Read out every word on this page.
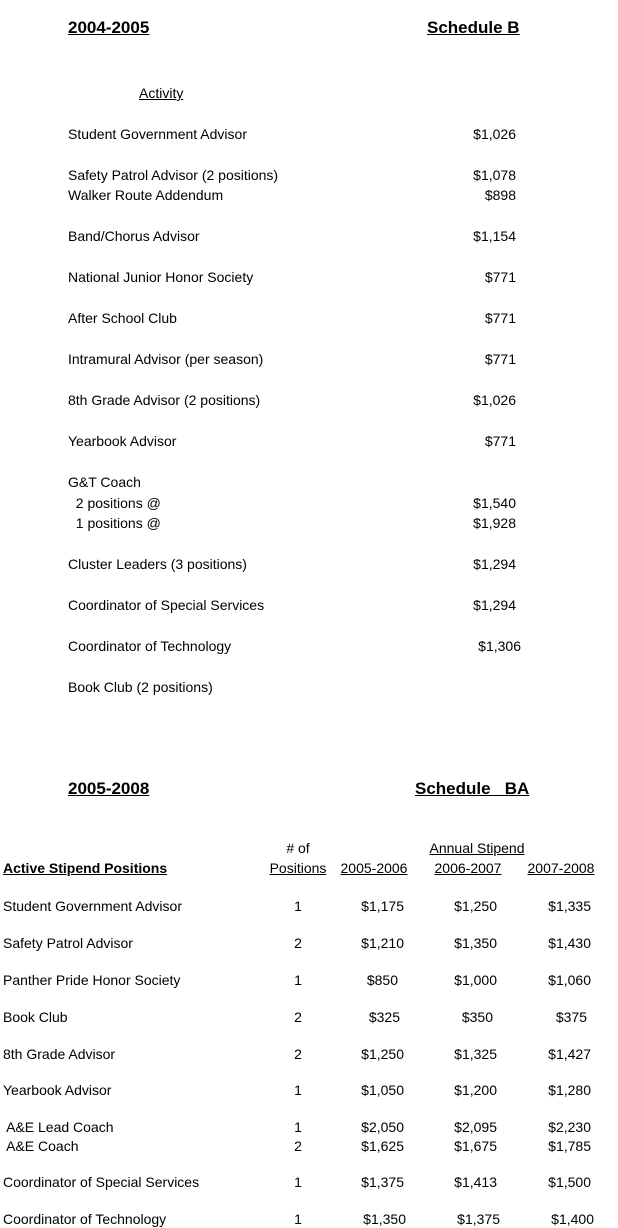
2004-2005	Schedule B
Activity
Student Government Advisor	$1,026
Safety Patrol Advisor (2 positions)	$1,078
Walker Route Addendum	$898
Band/Chorus Advisor	$1,154
National Junior Honor Society	$771
After School Club	$771
Intramural Advisor (per season)	$771
8th Grade Advisor (2 positions)	$1,026
Yearbook Advisor	$771
G&T Coach
2 positions @	$1,540
1 positions @	$1,928
Cluster Leaders (3 positions)	$1,294
Coordinator of Special Services	$1,294
Coordinator of Technology	$1,306
Book Club (2 positions)
2005-2008	Schedule   BA
# of	Annual Stipend
Active Stipend Positions	Positions	2005-2006	2006-2007	2007-2008
Student Government Advisor	1	$1,175	$1,250	$1,335
Safety Patrol Advisor	2	$1,210	$1,350	$1,430
Panther Pride Honor Society	1	$850	$1,000	$1,060
Book Club	2	$325	$350	$375
8th Grade Advisor	2	$1,250	$1,325	$1,427
Yearbook Advisor	1	$1,050	$1,200	$1,280
A&E Lead Coach	1	$2,050	$2,095	$2,230
A&E Coach	2	$1,625	$1,675	$1,785
Coordinator of Special Services	1	$1,375	$1,413	$1,500
Coordinator of Technology	1	$1,350	$1,375	$1,400
